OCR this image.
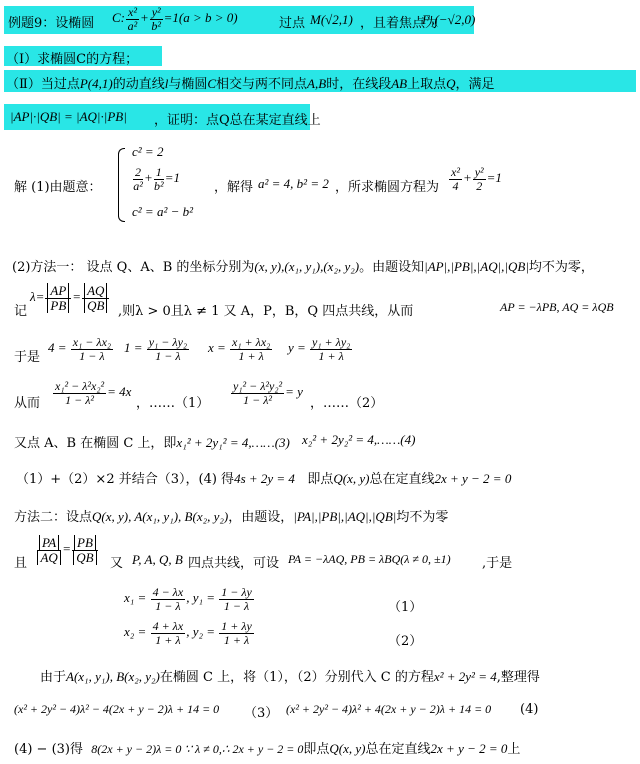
例题9：设椭圆 C: $\frac{\text{x²}}{\text{a²}} + \frac{\text{y²}}{\text{b²}} =1(a > b > 0)$	过点 M(√2,1) ，且着焦点为
F₁(−√2,0)
（Ⅰ）求椭圆C的方程；
（Ⅱ）当过点P(4,1)的动直线l与椭圆C相交与两不同点A,B时，在线段AB上取点Q，满足
|AP|·|QB| = |AQ|·|PB| ，证明：点Q总在某定直线上
解 (1)由题意：
c² = 2
$\frac{2}{\text{a²}} + \frac{1}{\text{b²}} =1$
c² = a² − b²
，解得 a² = 4, b² = 2 ，所求椭圆方程为 $\frac{\text{x²}}{4} + \frac{\text{y²}}{2} =1$
(2)方法一： 设点 Q、A、B 的坐标分别为(x, y),(x₁, y₁),(x₂, y₂)。由题设知|AP|,|PB|,|AQ|,|QB|均不为零，
记
$\lambda= \frac{AP}{PB} = \frac{AQ}{QB}$ ,则λ > 0且λ ≠ 1 又 A，P，B，Q 四点共线，从而	AP = −λPB, AQ = λQB
于是
$4 = \frac{\text{x₁ − λx₂}}{1 - \lambda} 1 = \frac{\text{y₁ − λy₂}}{1 - \lambda}$ $x = \frac{\text{x₁ + λx₂}}{1 + \lambda}$ $y = \frac{\text{y₁ + λy₂}}{1 + \lambda}$
从而 $\frac{\text{x₁² − λ²x₂²}}{\text{1 − λ²}} = 4x$
，……（1） $\frac{\text{y₁² − λ²y₂²}}{\text{1 − λ²}} = y$
，……（2）
又点 A、B 在椭圆 C 上，即x₁² + 2y₁² = 4,……(3) x₂² + 2y₂² = 4,……(4)
（1）+（2）×2 并结合（3），(4) 得4s + 2y = 4 即点Q(x, y)总在定直线2x + y − 2 = 0
方法二：设点Q(x, y), A(x₁, y₁), B(x₂, y₂)，由题设，|PA|,|PB|,|AQ|,|QB|均不为零
且 $\frac{PA}{AQ} = \frac{PB}{QB}$ 又 P, A, Q, B 四点共线，可设 PA = −λAQ, PB = λBQ(λ ≠ 0, ±1) ,于是
$x_1 = \frac{4 - \lambda x}{1 - \lambda}$ , $y_1 = \frac{1 - \lambda y}{1 - \lambda}$	（1）
$x_2 = \frac{4 + \lambda x}{1 + \lambda}$ , $y_2 = \frac{1 + \lambda y}{1 + \lambda}$	（2）
由于A(x₁, y₁), B(x₂, y₂)在椭圆 C 上，将（1），（2）分别代入 C 的方程x² + 2y² = 4,整理得
(x² + 2y² − 4)λ² − 4(2x + y − 2)λ + 14 = 0 （3） (x² + 2y² − 4)λ² + 4(2x + y − 2)λ + 14 = 0 (4)
(4) − (3)得 8(2x + y − 2)λ = 0 ∵ λ ≠ 0,∴ 2x + y − 2 = 0即点Q(x, y)总在定直线2x + y − 2 = 0上
